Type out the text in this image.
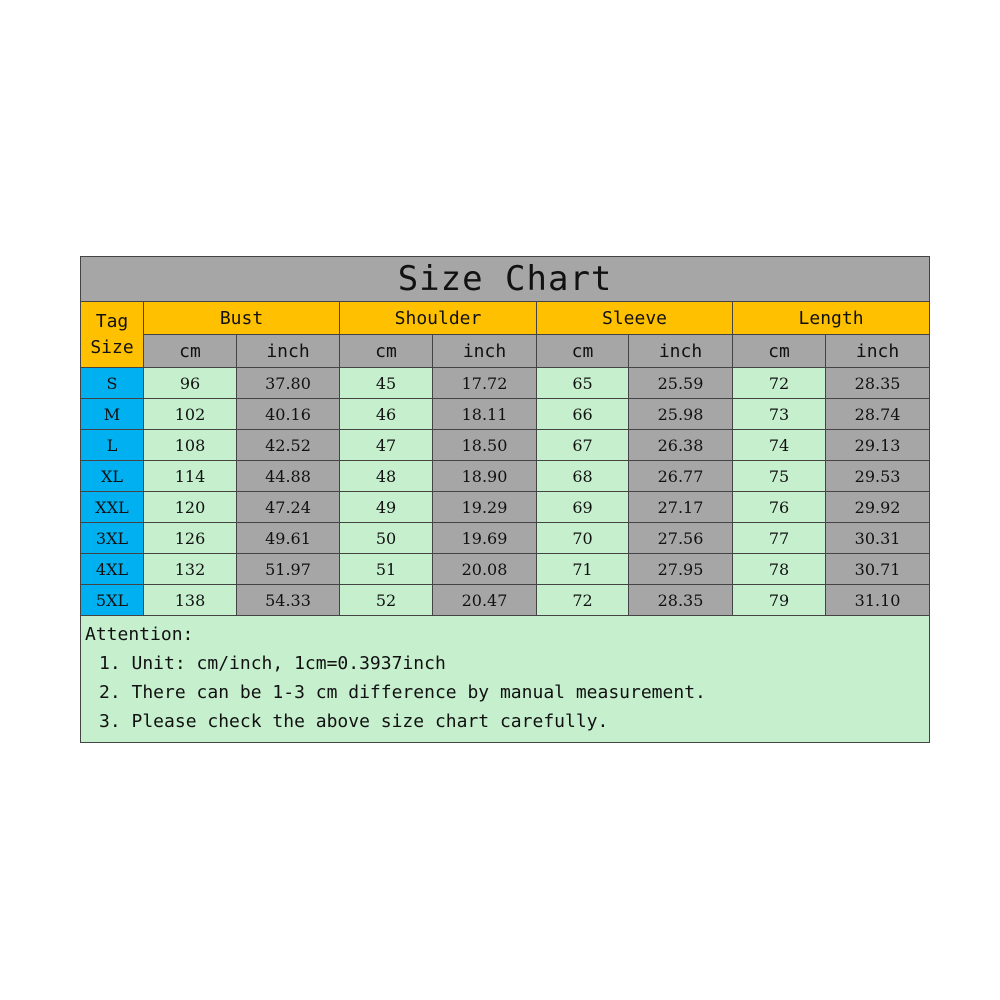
Size Chart								

Tag
Size	Bust		Shoulder		Sleeve		Length	
	cm	inch	cm	inch	cm	inch	cm	inch
S	96	37.80	45	17.72	65	25.59	72	28.35
M	102	40.16	46	18.11	66	25.98	73	28.74
L	108	42.52	47	18.50	67	26.38	74	29.13
XL	114	44.88	48	18.90	68	26.77	75	29.53
XXL	120	47.24	49	19.29	69	27.17	76	29.92
3XL	126	49.61	50	19.69	70	27.56	77	30.31
4XL	132	51.97	51	20.08	71	27.95	78	30.71
5XL	138	54.33	52	20.47	72	28.35	79	31.10

Attention:
1. Unit: cm/inch, 1cm=0.3937inch
2. There can be 1-3 cm difference by manual measurement.
3. Please check the above size chart carefully.								
